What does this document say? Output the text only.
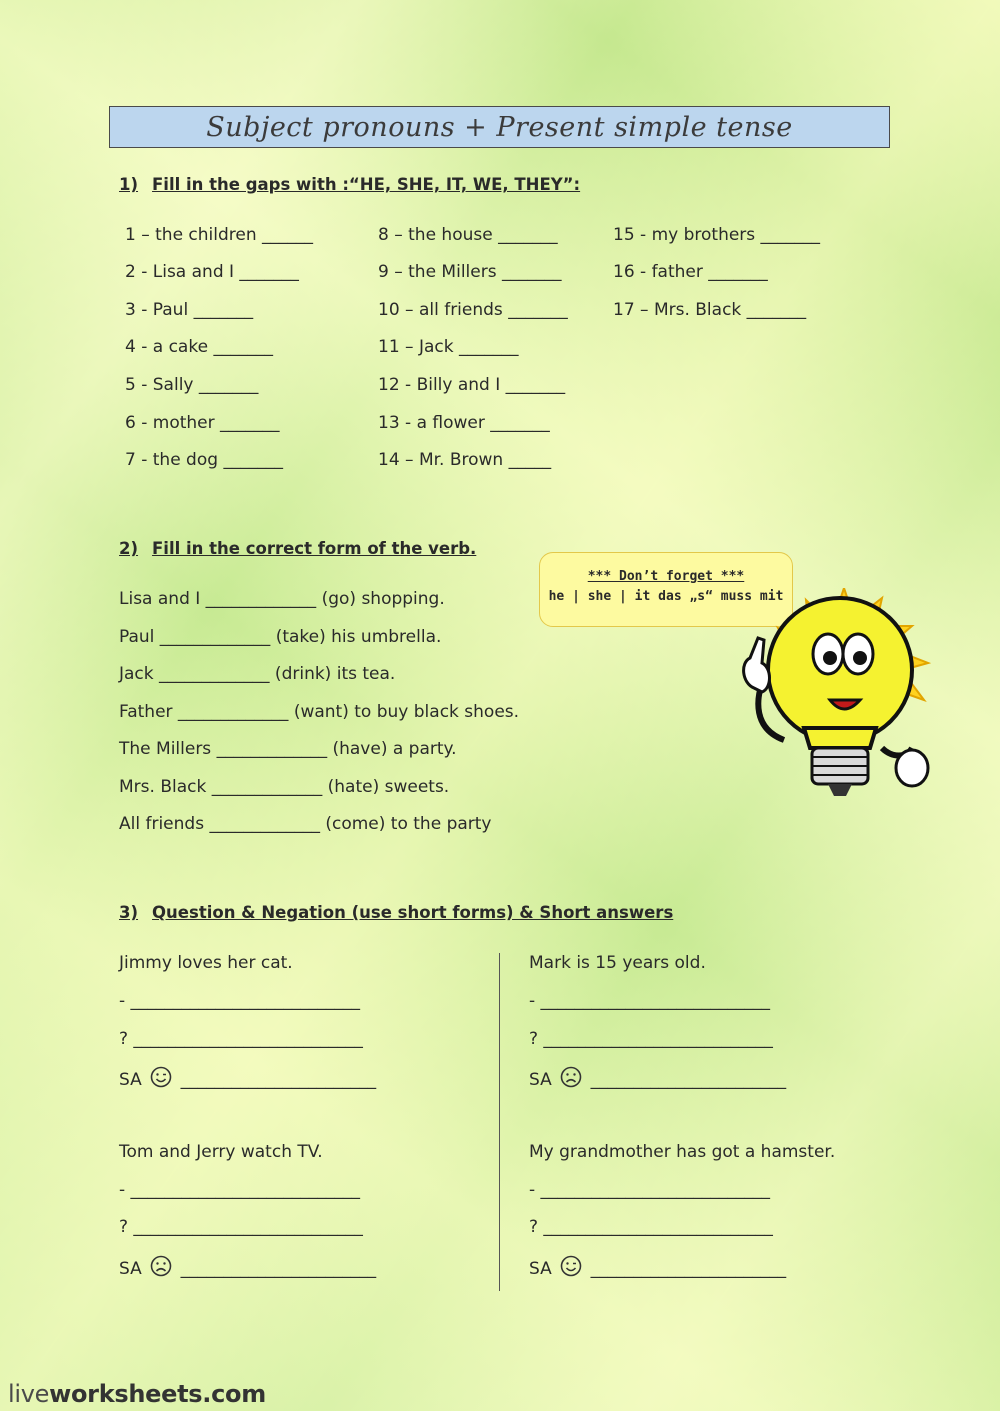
Subject pronouns + Present simple tense
1) Fill in the gaps with :“HE, SHE, IT, WE, THEY”:
1 – the children ______
2 - Lisa and I _______
3 - Paul _______
4 - a cake _______
5 - Sally _______
6 - mother _______
7 - the dog _______
8 – the house _______
9 – the Millers _______
10 – all friends _______
11 – Jack _______
12 - Billy and I _______
13 - a flower _______
14 – Mr. Brown _____
15 - my brothers _______
16 - father _______
17 – Mrs. Black _______
2) Fill in the correct form of the verb.
Lisa and I _____________ (go) shopping.
Paul _____________ (take) his umbrella.
Jack _____________ (drink) its tea.
Father _____________ (want) to buy black shoes.
The Millers _____________ (have) a party.
Mrs. Black _____________ (hate) sweets.
All friends _____________ (come) to the party
*** Don’t forget ***
he | she | it das „s“ muss mit
3) Question & Negation (use short forms) & Short answers
Jimmy loves her cat.
- ___________________________
? ___________________________
SA _______________________
Mark is 15 years old.
- ___________________________
? ___________________________
SA _______________________
Tom and Jerry watch TV.
- ___________________________
? ___________________________
SA _______________________
My grandmother has got a hamster.
- ___________________________
? ___________________________
SA _______________________
liveworksheets.com
